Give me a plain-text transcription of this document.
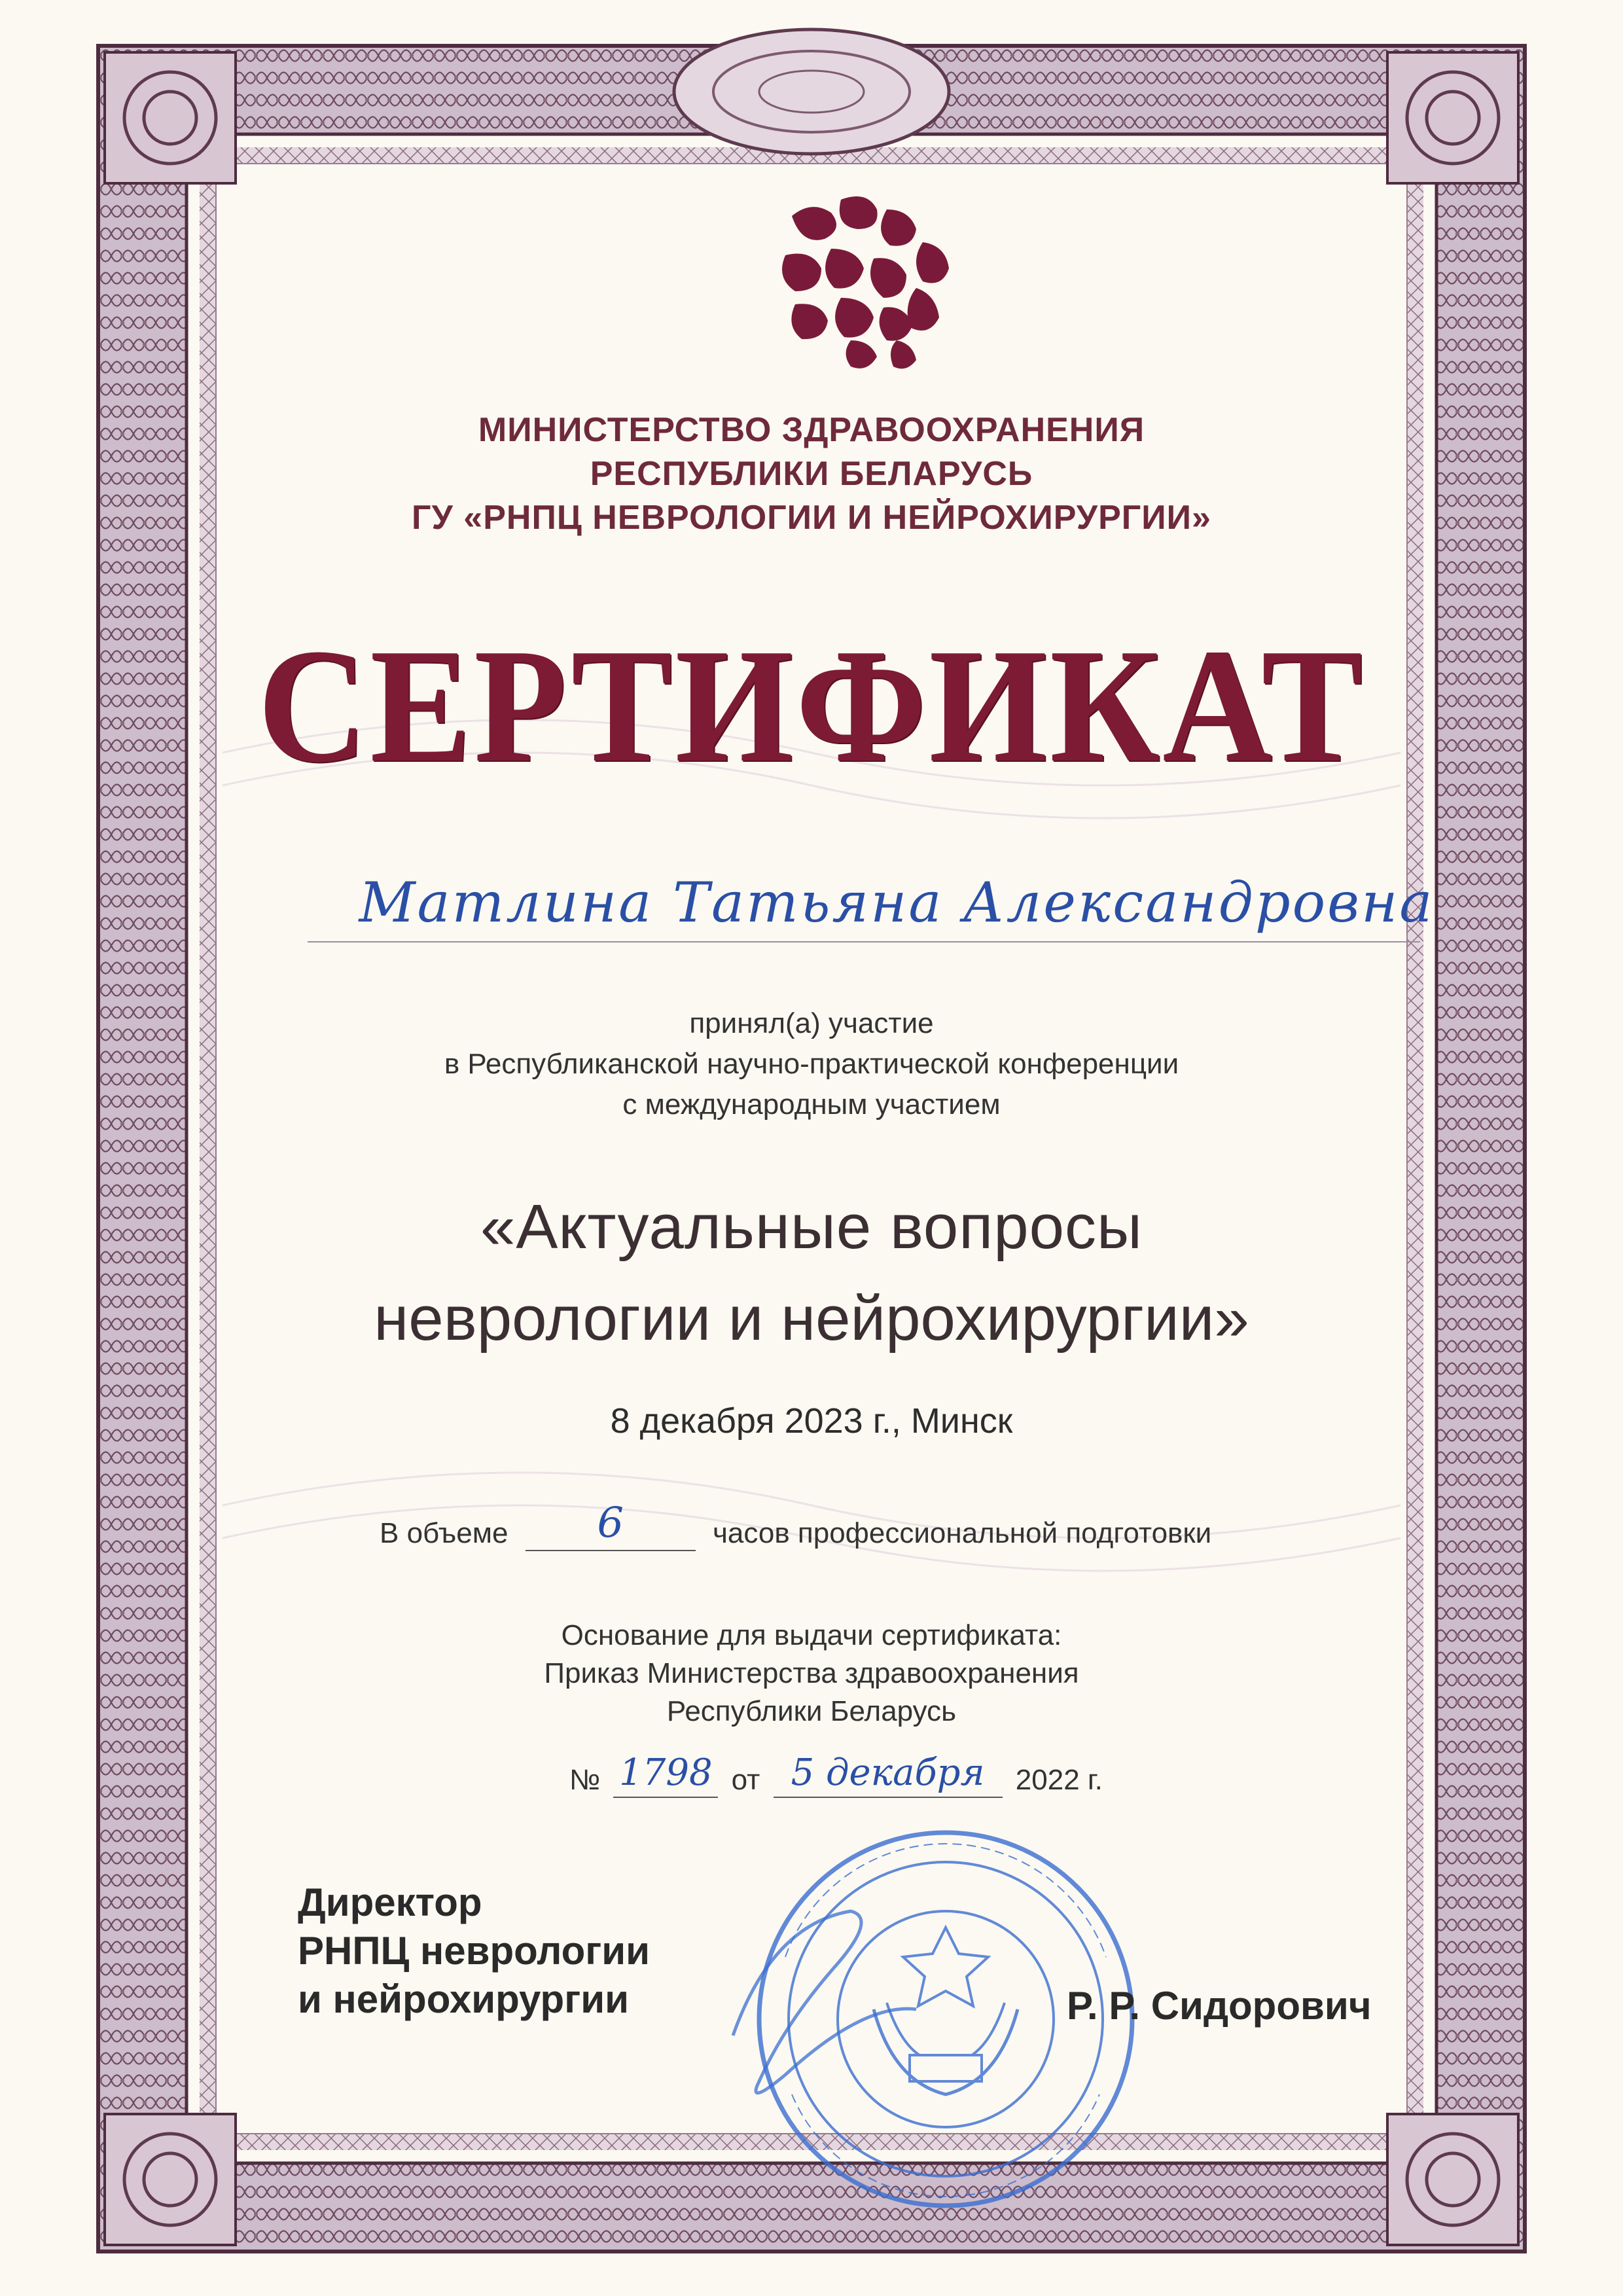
МИНИСТЕРСТВО ЗДРАВООХРАНЕНИЯ
РЕСПУБЛИКИ БЕЛАРУСЬ
ГУ «РНПЦ НЕВРОЛОГИИ И НЕЙРОХИРУРГИИ»
СЕРТИФИКАТ
Матлина Татьяна Александровна
принял(а) участие
в Республиканской научно-практической конференции
с международным участием
«Актуальные вопросы
неврологии и нейрохирургии»
8 декабря 2023 г., Минск
В объеме	6	часов профессиональной подготовки
Основание для выдачи сертификата:
Приказ Министерства здравоохранения
Республики Беларусь
№ 1798 от 5 декабря	2022 г.
Директор
РНПЦ неврологии
и нейрохирургии	Р. Р. Сидорович
